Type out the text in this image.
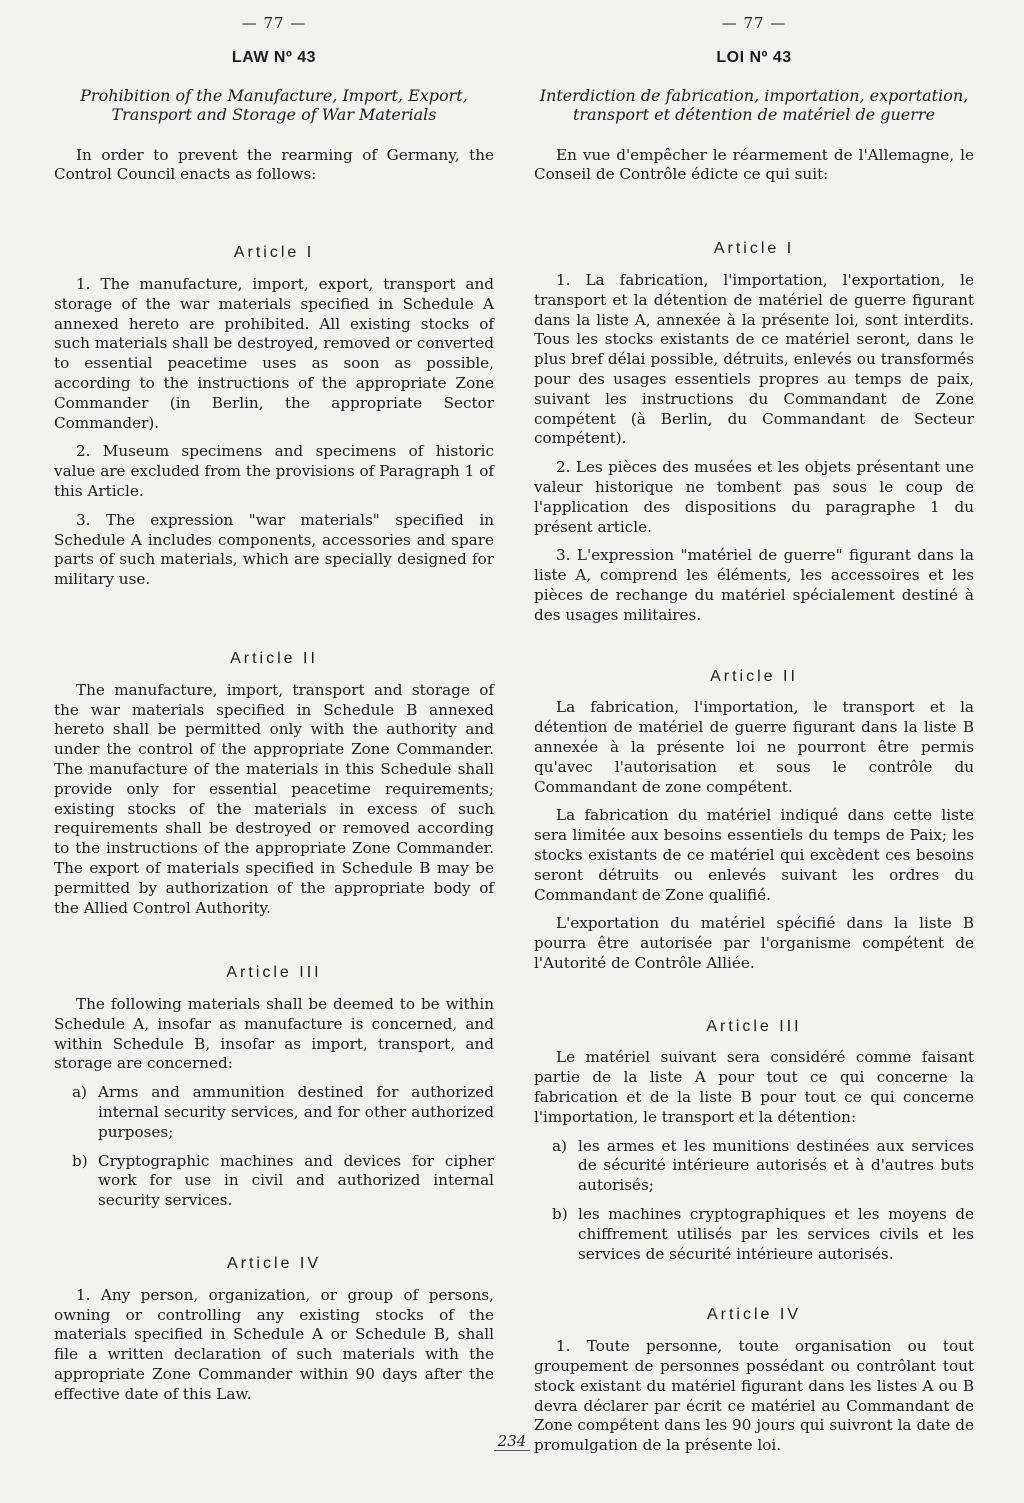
— 77 —
LAW Nº 43
Prohibition of the Manufacture, Import, Export, Transport and Storage of War Materials
In order to prevent the rearming of Germany, the Control Council enacts as follows:
Article I

1. The manufacture, import, export, transport and storage of the war materials specified in Schedule A annexed hereto are prohibited. All existing stocks of such materials shall be destroyed, removed or converted to essential peacetime uses as soon as possible, according to the instructions of the appropriate Zone Commander (in Berlin, the appropriate Sector Commander).

2. Museum specimens and specimens of historic value are excluded from the provisions of Paragraph 1 of this Article.

3. The expression "war materials" specified in Schedule A includes components, accessories and spare parts of such materials, which are specially designed for military use.

Article II

The manufacture, import, transport and storage of the war materials specified in Schedule B annexed hereto shall be permitted only with the authority and under the control of the appropriate Zone Commander. The manufacture of the materials in this Schedule shall provide only for essential peacetime requirements; existing stocks of the materials in excess of such requirements shall be destroyed or removed according to the instructions of the appropriate Zone Commander. The export of materials specified in Schedule B may be permitted by authorization of the appropriate body of the Allied Control Authority.

Article III

The following materials shall be deemed to be within Schedule A, insofar as manufacture is concerned, and within Schedule B, insofar as import, transport, and storage are concerned:

a) Arms and ammunition destined for authorized internal security services, and for other authorized purposes;
b) Cryptographic machines and devices for cipher work for use in civil and authorized internal security services.
Article IV

1. Any person, organization, or group of persons, owning or controlling any existing stocks of the materials specified in Schedule A or Schedule B, shall file a written declaration of such materials with the appropriate Zone Commander within 90 days after the effective date of this Law.

— 77 —
LOI Nº 43
Interdiction de fabrication, importation, exportation, transport et détention de matériel de guerre
En vue d'empêcher le réarmement de l'Allemagne, le Conseil de Contrôle édicte ce qui suit:
Article I

1. La fabrication, l'importation, l'exportation, le transport et la détention de matériel de guerre figurant dans la liste A, annexée à la présente loi, sont interdits. Tous les stocks existants de ce matériel seront, dans le plus bref délai possible, détruits, enlevés ou transformés pour des usages essentiels propres au temps de paix, suivant les instructions du Commandant de Zone compétent (à Berlin, du Commandant de Secteur compétent).

2. Les pièces des musées et les objets présentant une valeur historique ne tombent pas sous le coup de l'application des dispositions du paragraphe 1 du présent article.

3. L'expression "matériel de guerre" figurant dans la liste A, comprend les éléments, les accessoires et les pièces de rechange du matériel spécialement destiné à des usages militaires.

Article II

La fabrication, l'importation, le transport et la détention de matériel de guerre figurant dans la liste B annexée à la présente loi ne pourront être permis qu'avec l'autorisation et sous le contrôle du Commandant de zone compétent.

La fabrication du matériel indiqué dans cette liste sera limitée aux besoins essentiels du temps de Paix; les stocks existants de ce matériel qui excèdent ces besoins seront détruits ou enlevés suivant les ordres du Commandant de Zone qualifié.

L'exportation du matériel spécifié dans la liste B pourra être autorisée par l'organisme compétent de l'Autorité de Contrôle Alliée.

Article III

Le matériel suivant sera considéré comme faisant partie de la liste A pour tout ce qui concerne la fabrication et de la liste B pour tout ce qui concerne l'importation, le transport et la détention:

a) les armes et les munitions destinées aux services de sécurité intérieure autorisés et à d'autres buts autorisés;
b) les machines cryptographiques et les moyens de chiffrement utilisés par les services civils et les services de sécurité intérieure autorisés.
Article IV

1. Toute personne, toute organisation ou tout groupement de personnes possédant ou contrôlant tout stock existant du matériel figurant dans les listes A ou B devra déclarer par écrit ce matériel au Commandant de Zone compétent dans les 90 jours qui suivront la date de promulgation de la présente loi.

234
